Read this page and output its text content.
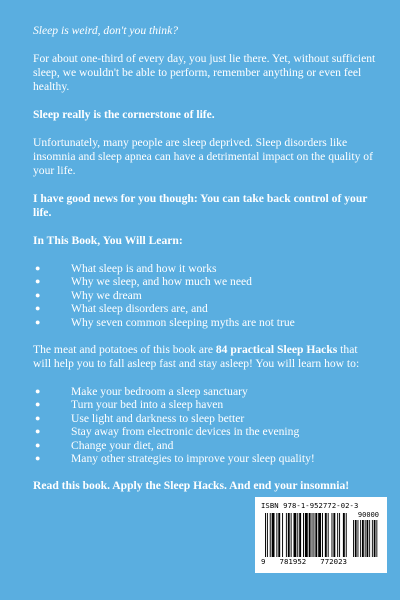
Sleep is weird, don't you think?

For about one-third of every day, you just lie there. Yet, without sufficient sleep, we wouldn't be able to perform, remember anything or even feel healthy.

Sleep really is the cornerstone of life.

Unfortunately, many people are sleep deprived. Sleep disorders like insomnia and sleep apnea can have a detrimental impact on the quality of your life.

I have good news for you though: You can take back control of your life.

In This Book, You Will Learn:

●	What sleep is and how it works
●	Why we sleep, and how much we need
●	Why we dream
●	What sleep disorders are, and
●	Why seven common sleeping myths are not true

The meat and potatoes of this book are 84 practical Sleep Hacks that will help you to fall asleep fast and stay asleep! You will learn how to:

●	Make your bedroom a sleep sanctuary
●	Turn your bed into a sleep haven
●	Use light and darkness to sleep better
●	Stay away from electronic devices in the evening
●	Change your diet, and
●	Many other strategies to improve your sleep quality!

Read this book. Apply the Sleep Hacks. And end your insomnia!

ISBN 978-1-952772-02-3
90000
9 781952 772023
